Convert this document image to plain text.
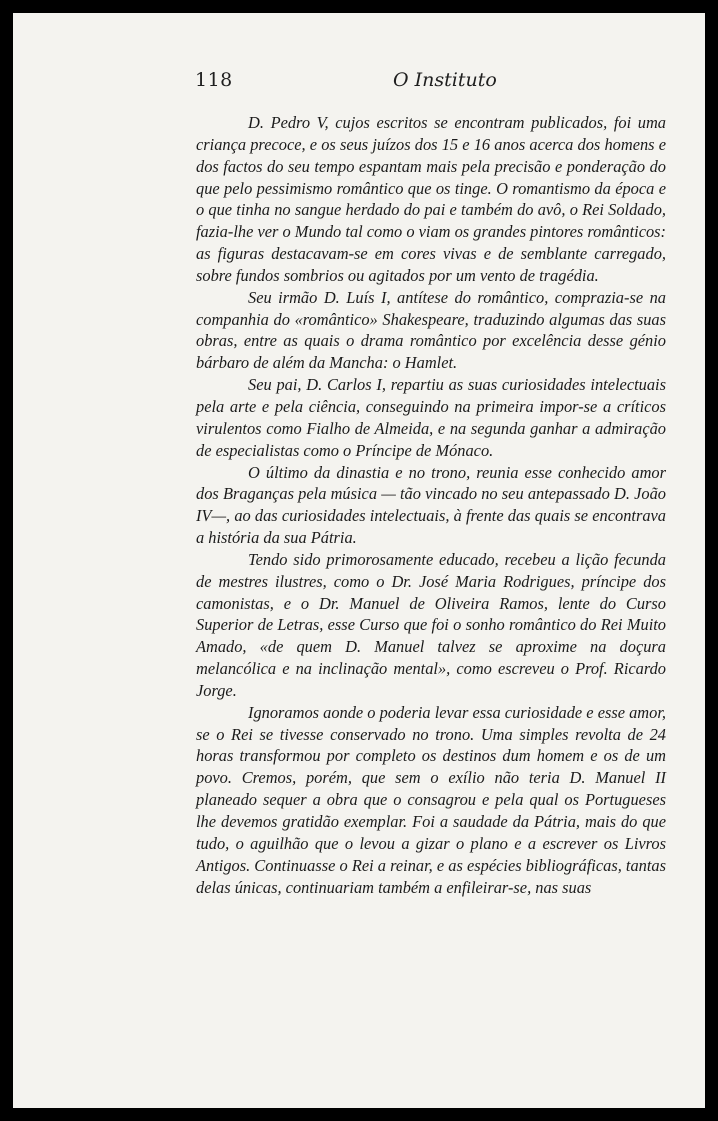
118	O Instituto

D. Pedro V, cujos escritos se encontram publicados, foi uma criança precoce, e os seus juízos dos 15 e 16 anos acerca dos homens e dos factos do seu tempo espantam mais pela precisão e ponderação do que pelo pessimismo romântico que os tinge. O romantismo da época e o que tinha no sangue herdado do pai e também do avô, o Rei Soldado, fazia-lhe ver o Mundo tal como o viam os grandes pintores românticos: as figuras destacavam-se em cores vivas e de semblante carregado, sobre fundos sombrios ou agitados por um vento de tragédia.

Seu irmão D. Luís I, antítese do romântico, comprazia-se na companhia do «romântico» Shakespeare, traduzindo algumas das suas obras, entre as quais o drama romântico por excelência desse génio bárbaro de além da Mancha: o Hamlet.

Seu pai, D. Carlos I, repartiu as suas curiosidades intelectuais pela arte e pela ciência, conseguindo na primeira impor-se a críticos virulentos como Fialho de Almeida, e na segunda ganhar a admiração de especialistas como o Príncipe de Mónaco.

O último da dinastia e no trono, reunia esse conhecido amor dos Braganças pela música — tão vincado no seu antepassado D. João IV—, ao das curiosidades intelectuais, à frente das quais se encontrava a história da sua Pátria.

Tendo sido primorosamente educado, recebeu a lição fecunda de mestres ilustres, como o Dr. José Maria Rodrigues, príncipe dos camonistas, e o Dr. Manuel de Oliveira Ramos, lente do Curso Superior de Letras, esse Curso que foi o sonho romântico do Rei Muito Amado, «de quem D. Manuel talvez se aproxime na doçura melancólica e na inclinação mental», como escreveu o Prof. Ricardo Jorge.

Ignoramos aonde o poderia levar essa curiosidade e esse amor, se o Rei se tivesse conservado no trono. Uma simples revolta de 24 horas transformou por completo os destinos dum homem e os de um povo. Cremos, porém, que sem o exílio não teria D. Manuel II planeado sequer a obra que o consagrou e pela qual os Portugueses lhe devemos gratidão exemplar. Foi a saudade da Pátria, mais do que tudo, o aguilhão que o levou a gizar o plano e a escrever os Livros Antigos. Continuasse o Rei a reinar, e as espécies bibliográficas, tantas delas únicas, continuariam também a enfileirar-se, nas suas
